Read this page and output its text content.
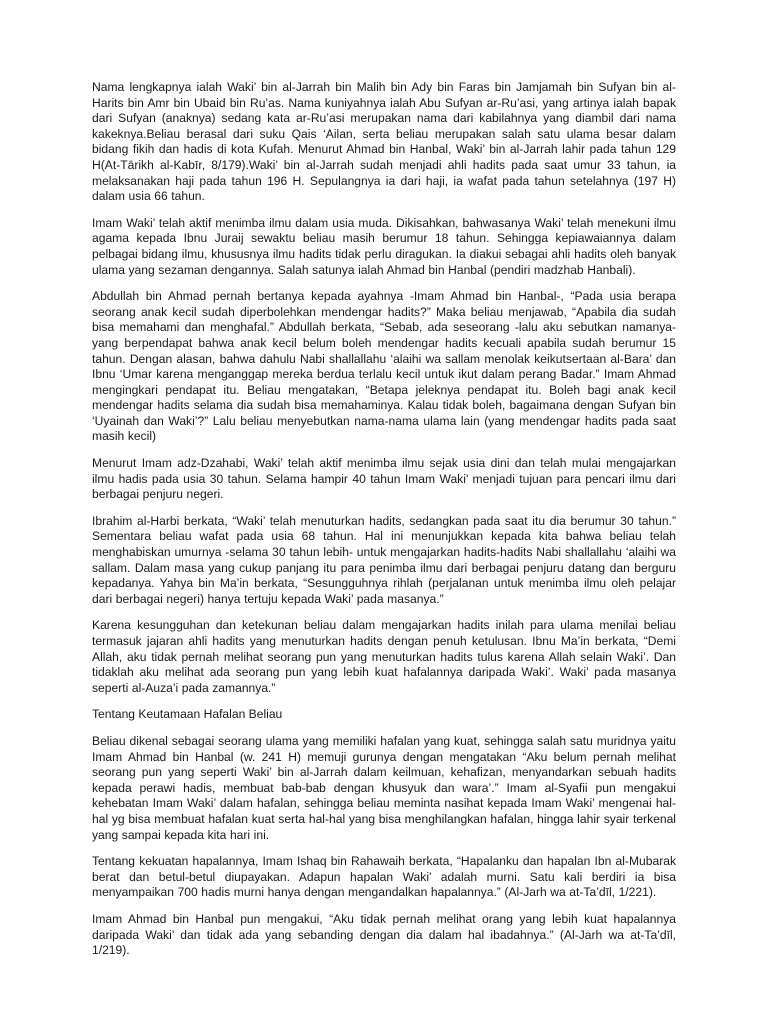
Nama lengkapnya ialah Waki’ bin al-Jarrah bin Malih bin Ady bin Faras bin Jamjamah bin Sufyan bin al-Harits bin Amr bin Ubaid bin Ru’as. Nama kuniyahnya ialah Abu Sufyan ar-Ru’asi, yang artinya ialah bapak dari Sufyan (anaknya) sedang kata ar-Ru’asi merupakan nama dari kabilahnya yang diambil dari nama kakeknya.Beliau berasal dari suku Qais ‘Ailan, serta beliau merupakan salah satu ulama besar dalam bidang fikih dan hadis di kota Kufah. Menurut Ahmad bin Hanbal, Waki’ bin al-Jarrah lahir pada tahun 129 H(At-Tārikh al-Kabīr, 8/179).Waki’ bin al-Jarrah sudah menjadi ahli hadits pada saat umur 33 tahun, ia melaksanakan haji pada tahun 196 H. Sepulangnya ia dari haji, ia wafat pada tahun setelahnya (197 H) dalam usia 66 tahun.

Imam Waki’ telah aktif menimba ilmu dalam usia muda. Dikisahkan, bahwasanya Waki’ telah menekuni ilmu agama kepada Ibnu Juraij sewaktu beliau masih berumur 18 tahun. Sehingga kepiawaiannya dalam pelbagai bidang ilmu, khususnya ilmu hadits tidak perlu diragukan. Ia diakui sebagai ahli hadits oleh banyak ulama yang sezaman dengannya. Salah satunya ialah Ahmad bin Hanbal (pendiri madzhab Hanbali).

Abdullah bin Ahmad pernah bertanya kepada ayahnya -Imam Ahmad bin Hanbal-, “Pada usia berapa seorang anak kecil sudah diperbolehkan mendengar hadits?” Maka beliau menjawab, “Apabila dia sudah bisa memahami dan menghafal.” Abdullah berkata, “Sebab, ada seseorang -lalu aku sebutkan namanya- yang berpendapat bahwa anak kecil belum boleh mendengar hadits kecuali apabila sudah berumur 15 tahun. Dengan alasan, bahwa dahulu Nabi shallallahu ‘alaihi wa sallam menolak keikutsertaan al-Bara’ dan Ibnu ‘Umar karena menganggap mereka berdua terlalu kecil untuk ikut dalam perang Badar.” Imam Ahmad mengingkari pendapat itu. Beliau mengatakan, “Betapa jeleknya pendapat itu. Boleh bagi anak kecil mendengar hadits selama dia sudah bisa memahaminya. Kalau tidak boleh, bagaimana dengan Sufyan bin ‘Uyainah dan Waki’?” Lalu beliau menyebutkan nama-nama ulama lain (yang mendengar hadits pada saat masih kecil)

Menurut Imam adz-Dzahabi, Waki’ telah aktif menimba ilmu sejak usia dini dan telah mulai mengajarkan ilmu hadis pada usia 30 tahun. Selama hampir 40 tahun Imam Waki’ menjadi tujuan para pencari ilmu dari berbagai penjuru negeri.

Ibrahim al-Harbi berkata, “Waki’ telah menuturkan hadits, sedangkan pada saat itu dia berumur 30 tahun.” Sementara beliau wafat pada usia 68 tahun. Hal ini menunjukkan kepada kita bahwa beliau telah menghabiskan umurnya -selama 30 tahun lebih- untuk mengajarkan hadits-hadits Nabi shallallahu ‘alaihi wa sallam. Dalam masa yang cukup panjang itu para penimba ilmu dari berbagai penjuru datang dan berguru kepadanya. Yahya bin Ma’in berkata, “Sesungguhnya rihlah (perjalanan untuk menimba ilmu oleh pelajar dari berbagai negeri) hanya tertuju kepada Waki’ pada masanya.”

Karena kesungguhan dan ketekunan beliau dalam mengajarkan hadits inilah para ulama menilai beliau termasuk jajaran ahli hadits yang menuturkan hadits dengan penuh ketulusan. Ibnu Ma’in berkata, “Demi Allah, aku tidak pernah melihat seorang pun yang menuturkan hadits tulus karena Allah selain Waki’. Dan tidaklah aku melihat ada seorang pun yang lebih kuat hafalannya daripada Waki’. Waki’ pada masanya seperti al-Auza’i pada zamannya.”

Tentang Keutamaan Hafalan Beliau

Beliau dikenal sebagai seorang ulama yang memiliki hafalan yang kuat, sehingga salah satu muridnya yaitu Imam Ahmad bin Hanbal (w. 241 H) memuji gurunya dengan mengatakan “Aku belum pernah melihat seorang pun yang seperti Waki’ bin al-Jarrah dalam keilmuan, kehafizan, menyandarkan sebuah hadits kepada perawi hadis, membuat bab-bab dengan khusyuk dan wara’.” Imam al-Syafii pun mengakui kehebatan Imam Waki’ dalam hafalan, sehingga beliau meminta nasihat kepada Imam Waki’ mengenai hal-hal yg bisa membuat hafalan kuat serta hal-hal yang bisa menghilangkan hafalan, hingga lahir syair terkenal yang sampai kepada kita hari ini.

Tentang kekuatan hapalannya, Imam Ishaq bin Rahawaih berkata, “Hapalanku dan hapalan Ibn al-Mubarak berat dan betul-betul diupayakan. Adapun hapalan Waki’ adalah murni. Satu kali berdiri ia bisa menyampaikan 700 hadis murni hanya dengan mengandalkan hapalannya.” (Al-Jarh wa at-Ta’dīl, 1/221).

Imam Ahmad bin Hanbal pun mengakui, “Aku tidak pernah melihat orang yang lebih kuat hapalannya daripada Waki’ dan tidak ada yang sebanding dengan dia dalam hal ibadahnya.” (Al-Jarh wa at-Ta’dīl, 1/219).
